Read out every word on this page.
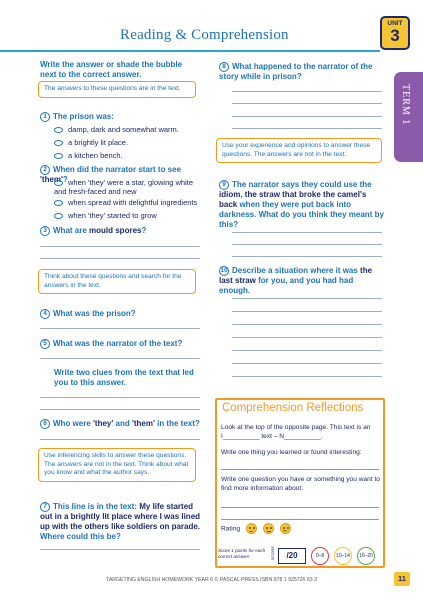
Reading & Comprehension
UNIT
3
TERM 1
Write the answer or shade the bubble next to the correct answer.
The answers to these questions are in the text.
1 The prison was:
damp, dark and somewhat warm.
a brightly lit place.
a kitchen bench.
2 When did the narrator start to see 'them'? when 'they' were a star, glowing white and fresh-faced and new
when spread with delightful ingredients
when 'they' started to grow
3 What are mould spores?
Think about these questions and search for the answers in the text.
4 What was the prison?
5 What was the narrator of the text?
Write two clues from the text that led you to this answer.
6 Who were 'they' and 'them' in the text?
Use inferencing skills to answer these questions. The answers are not in the text. Think about what you know and what the author says.
7 This line is in the text: My life started out in a brightly lit place where I was lined up with the others like soldiers on parade. Where could this be?
8 What happened to the narrator of the story while in prison?
Use your experience and opinions to answer these questions. The answers are not in the text.
9 The narrator says they could use the idiom, the straw that broke the camel's back when they were put back into darkness. What do you think they meant by this?
10 Describe a situation where it was the last straw for you, and you had had enough.
Comprehension Reflections
Look at the top of the opposite page. This text is an I__________ text – N__________.
Write one thing you learned or found interesting:
Write one question you have or something you want to find more information about:
Rating
Score 1 points for each correct answer!	SCORE	/20	0–8	10–14	16–20
TARGETING ENGLISH HOMEWORK YEAR 6 © PASCAL PRESS ISBN 978 1 925726 63 3	11
